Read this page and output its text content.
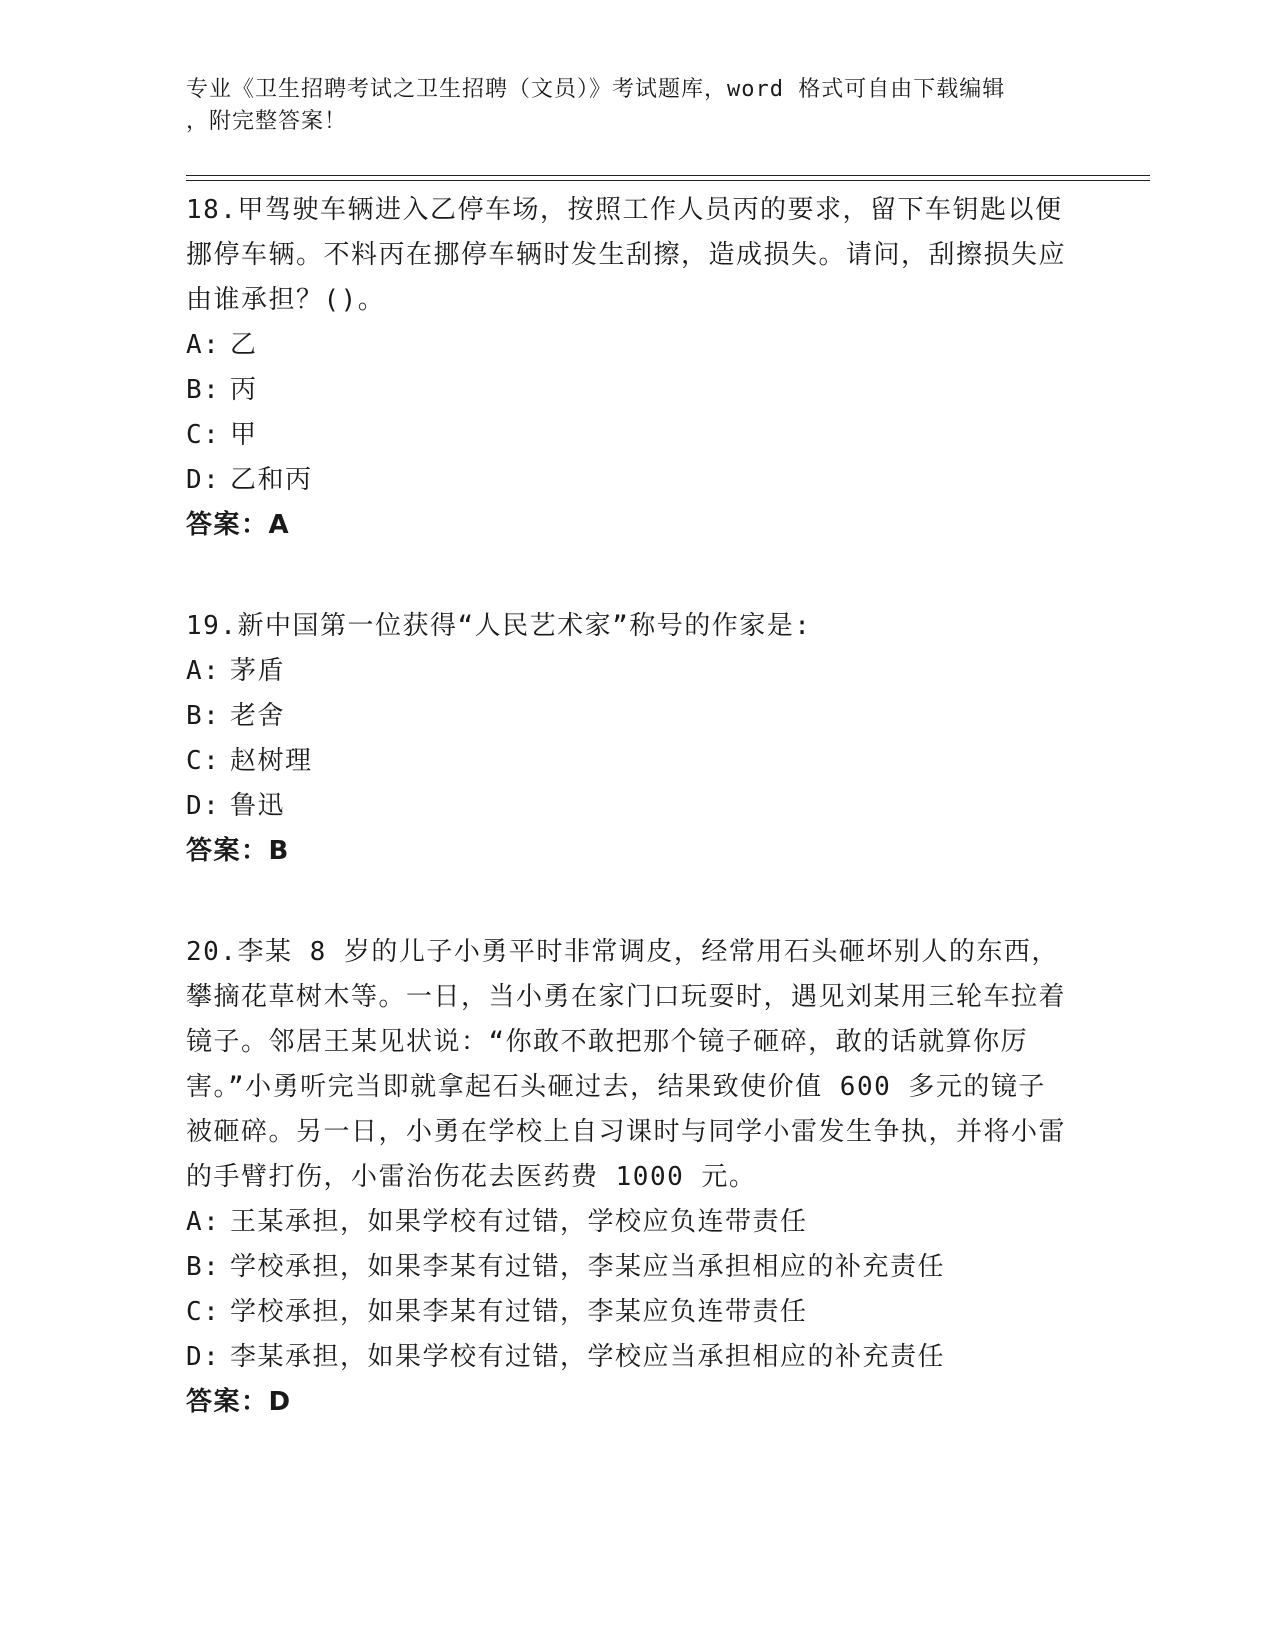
专业《卫生招聘考试之卫生招聘（文员）》考试题库，word 格式可自由下载编辑
，附完整答案！

18.甲驾驶车辆进入乙停车场，按照工作人员丙的要求，留下车钥匙以便挪停车辆。不料丙在挪停车辆时发生刮擦，造成损失。请问，刮擦损失应由谁承担？()。

A: 乙
B: 丙
C: 甲
D: 乙和丙

答案：A

19.新中国第一位获得“人民艺术家”称号的作家是:

A: 茅盾
B: 老舍
C: 赵树理
D: 鲁迅

答案：B

20.李某 8 岁的儿子小勇平时非常调皮，经常用石头砸坏别人的东西，攀摘花草树木等。一日，当小勇在家门口玩耍时，遇见刘某用三轮车拉着镜子。邻居王某见状说：“你敢不敢把那个镜子砸碎，敢的话就算你厉害。”小勇听完当即就拿起石头砸过去，结果致使价值 600 多元的镜子被砸碎。另一日，小勇在学校上自习课时与同学小雷发生争执，并将小雷的手臂打伤，小雷治伤花去医药费 1000 元。

A: 王某承担，如果学校有过错，学校应负连带责任
B: 学校承担，如果李某有过错，李某应当承担相应的补充责任
C: 学校承担，如果李某有过错，李某应负连带责任
D: 李某承担，如果学校有过错，学校应当承担相应的补充责任

答案：D
